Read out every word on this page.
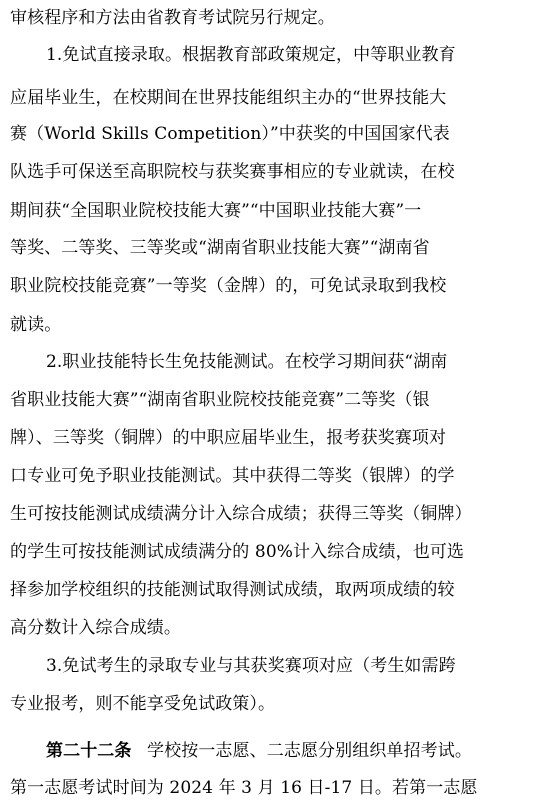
审核程序和方法由省教育考试院另行规定。
1.免试直接录取。根据教育部政策规定，中等职业教育
应届毕业生，在校期间在世界技能组织主办的“世界技能大
赛（World Skills Competition）”中获奖的中国国家代表
队选手可保送至高职院校与获奖赛事相应的专业就读，在校
期间获“全国职业院校技能大赛”“中国职业技能大赛”一
等奖、二等奖、三等奖或“湖南省职业技能大赛”“湖南省
职业院校技能竞赛”一等奖（金牌）的，可免试录取到我校
就读。
2.职业技能特长生免技能测试。在校学习期间获“湖南
省职业技能大赛”“湖南省职业院校技能竞赛”二等奖（银
牌）、三等奖（铜牌）的中职应届毕业生，报考获奖赛项对
口专业可免予职业技能测试。其中获得二等奖（银牌）的学
生可按技能测试成绩满分计入综合成绩；获得三等奖（铜牌）
的学生可按技能测试成绩满分的 80%计入综合成绩，也可选
择参加学校组织的技能测试取得测试成绩，取两项成绩的较
高分数计入综合成绩。
3.免试考生的录取专业与其获奖赛项对应（考生如需跨
专业报考，则不能享受免试政策）。
第二十二条 学校按一志愿、二志愿分别组织单招考试。
第一志愿考试时间为 2024 年 3 月 16 日-17 日。若第一志愿
